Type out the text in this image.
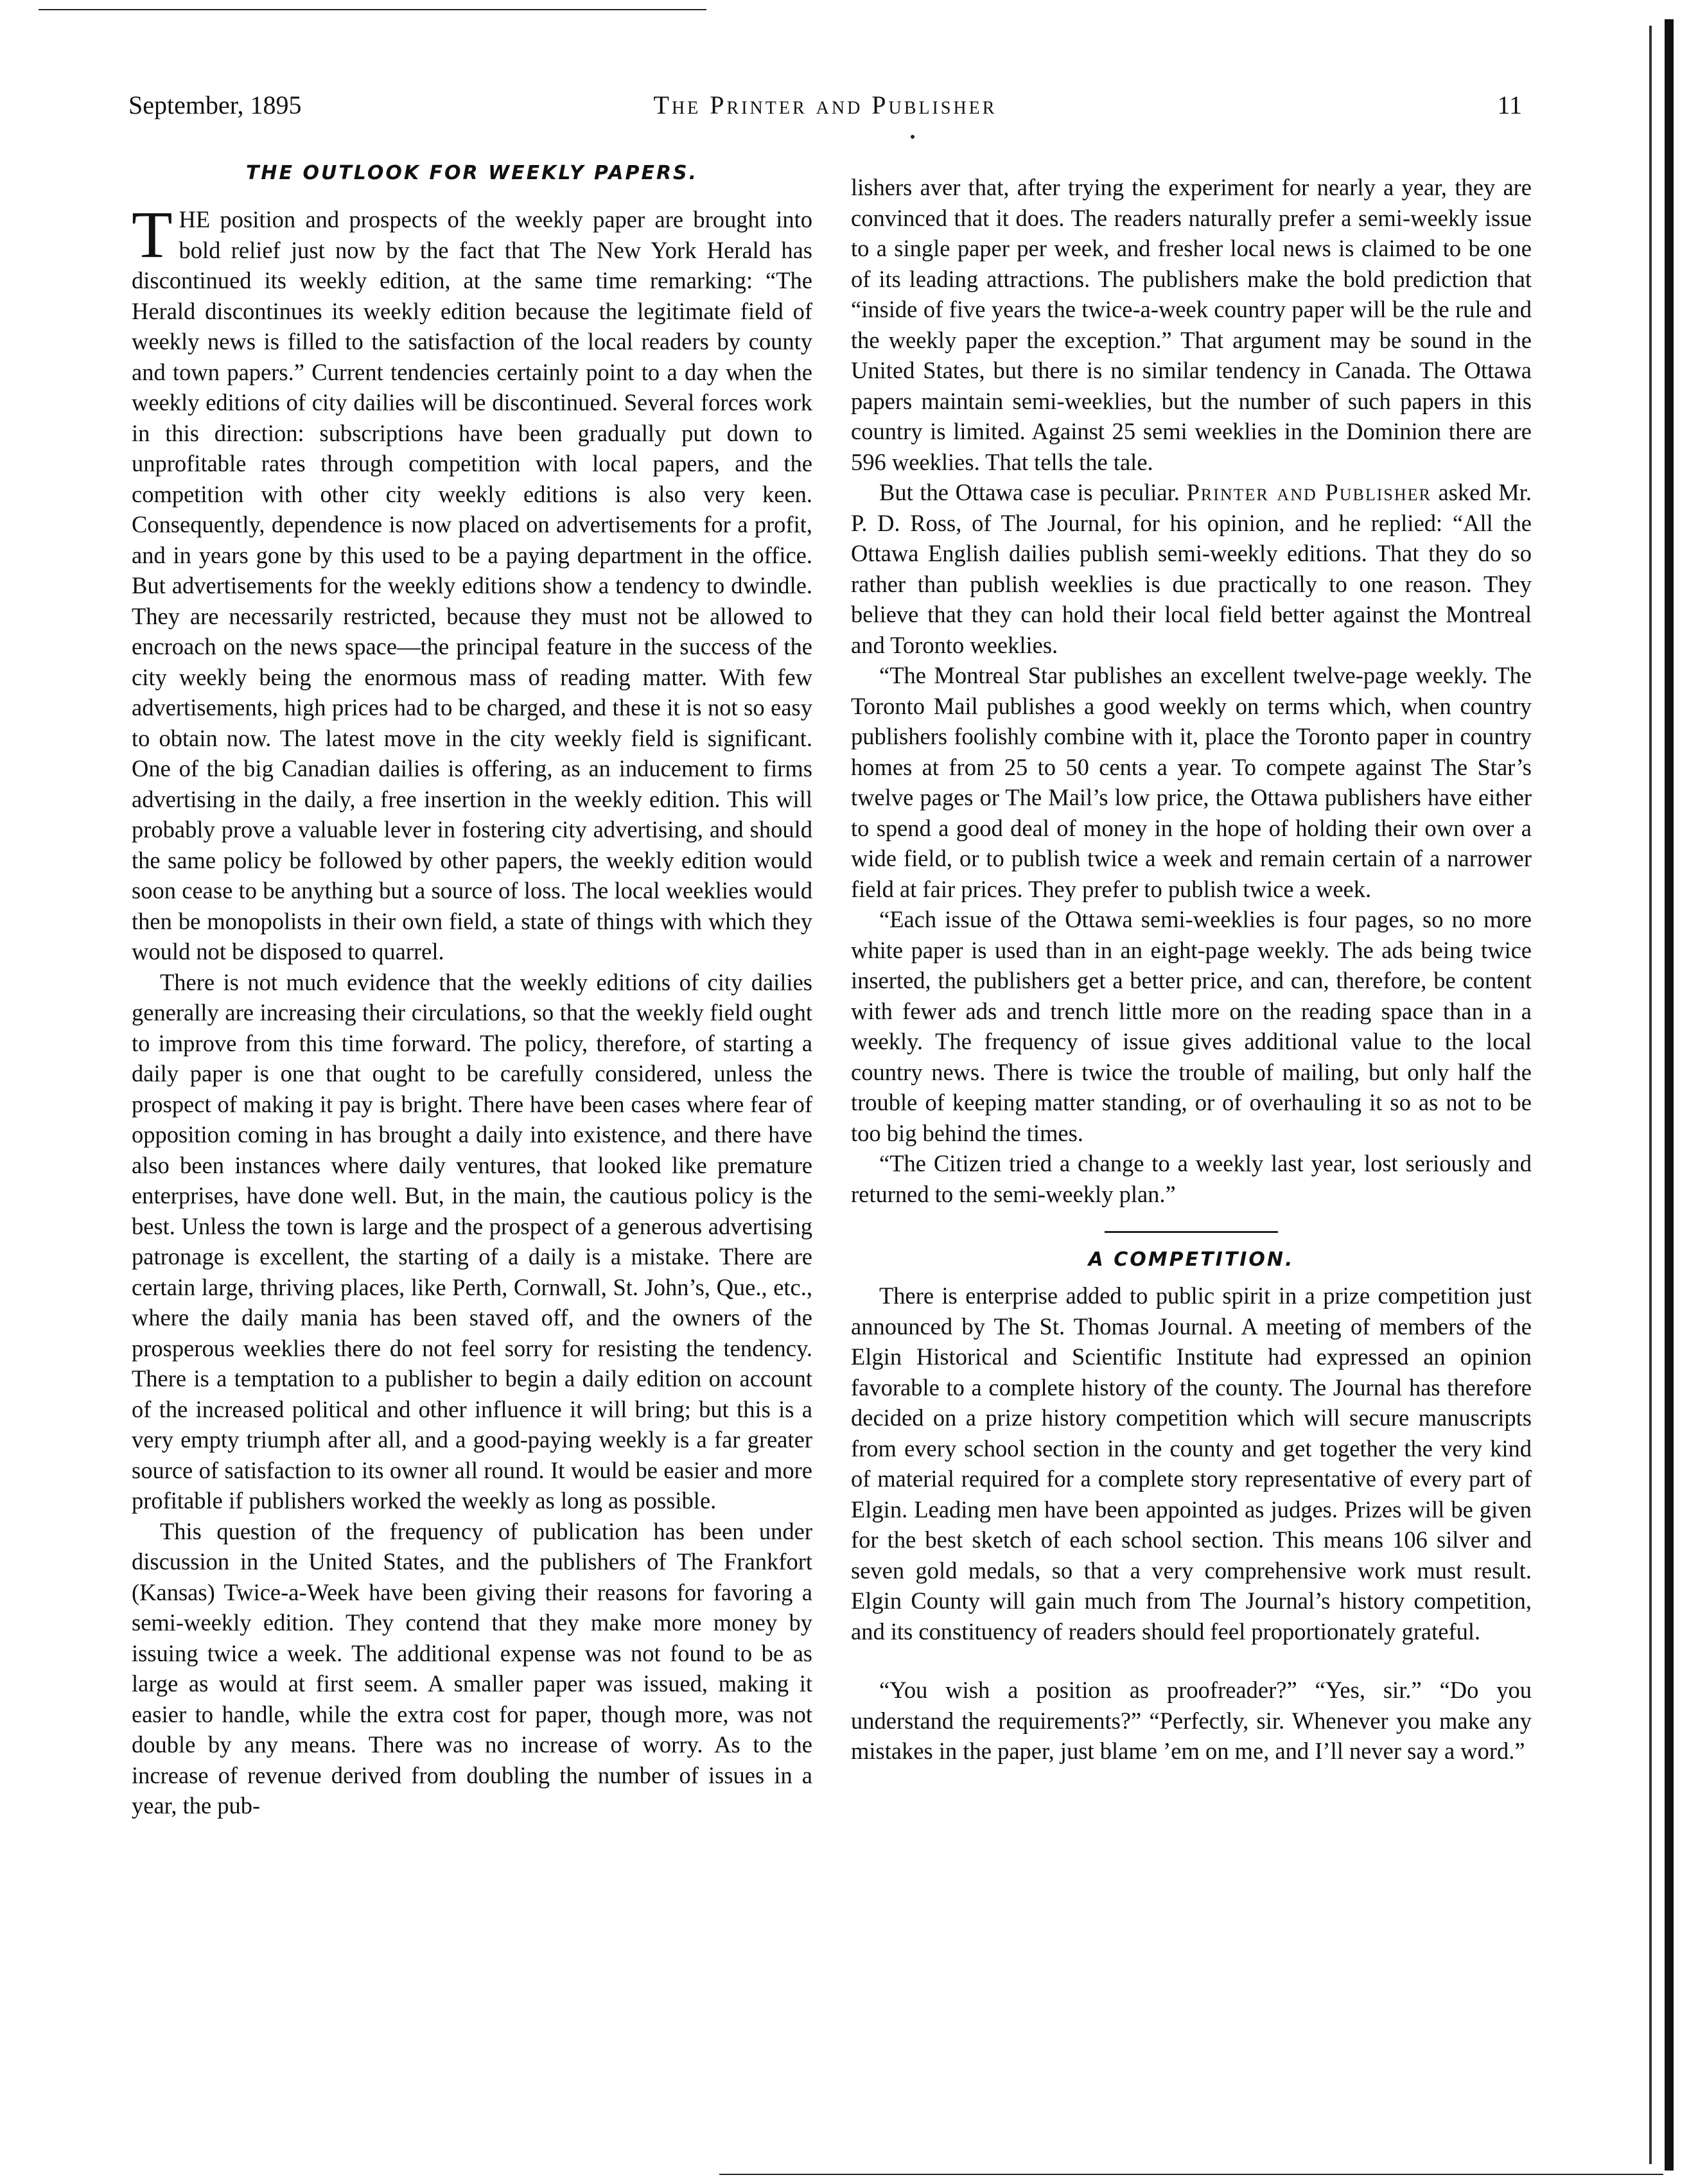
September, 1895	The Printer and Publisher	11
THE OUTLOOK FOR WEEKLY PAPERS.

THE position and prospects of the weekly paper are brought into bold relief just now by the fact that The New York Herald has discontinued its weekly edition, at the same time remarking: “The Herald discontinues its weekly edition because the legitimate field of weekly news is filled to the satisfaction of the local readers by county and town papers.” Current tendencies certainly point to a day when the weekly editions of city dailies will be discontinued. Several forces work in this direction: subscriptions have been gradually put down to unprofitable rates through competition with local papers, and the competition with other city weekly editions is also very keen. Consequently, dependence is now placed on advertisements for a profit, and in years gone by this used to be a paying department in the office. But advertisements for the weekly editions show a tendency to dwindle. They are necessarily restricted, because they must not be allowed to encroach on the news space—the principal feature in the success of the city weekly being the enormous mass of reading matter. With few advertisements, high prices had to be charged, and these it is not so easy to obtain now. The latest move in the city weekly field is significant. One of the big Canadian dailies is offering, as an inducement to firms advertising in the daily, a free insertion in the weekly edition. This will probably prove a valuable lever in fostering city advertising, and should the same policy be followed by other papers, the weekly edition would soon cease to be anything but a source of loss. The local weeklies would then be monopolists in their own field, a state of things with which they would not be disposed to quarrel.

There is not much evidence that the weekly editions of city dailies generally are increasing their circulations, so that the weekly field ought to improve from this time forward. The policy, therefore, of starting a daily paper is one that ought to be carefully considered, unless the prospect of making it pay is bright. There have been cases where fear of opposition coming in has brought a daily into existence, and there have also been instances where daily ventures, that looked like premature enterprises, have done well. But, in the main, the cautious policy is the best. Unless the town is large and the prospect of a generous advertising patronage is excellent, the starting of a daily is a mistake. There are certain large, thriving places, like Perth, Cornwall, St. John’s, Que., etc., where the daily mania has been staved off, and the owners of the prosperous weeklies there do not feel sorry for resisting the tendency. There is a temptation to a publisher to begin a daily edition on account of the increased political and other influence it will bring; but this is a very empty triumph after all, and a good-paying weekly is a far greater source of satisfaction to its owner all round. It would be easier and more profitable if publishers worked the weekly as long as possible.

This question of the frequency of publication has been under discussion in the United States, and the publishers of The Frankfort (Kansas) Twice-a-Week have been giving their reasons for favoring a semi-weekly edition. They contend that they make more money by issuing twice a week. The additional expense was not found to be as large as would at first seem. A smaller paper was issued, making it easier to handle, while the extra cost for paper, though more, was not double by any means. There was no increase of worry. As to the increase of revenue derived from doubling the number of issues in a year, the pub-

lishers aver that, after trying the experiment for nearly a year, they are convinced that it does. The readers naturally prefer a semi-weekly issue to a single paper per week, and fresher local news is claimed to be one of its leading attractions. The publishers make the bold prediction that “inside of five years the twice-a-week country paper will be the rule and the weekly paper the exception.” That argument may be sound in the United States, but there is no similar tendency in Canada. The Ottawa papers maintain semi-weeklies, but the number of such papers in this country is limited. Against 25 semi weeklies in the Dominion there are 596 weeklies. That tells the tale.

But the Ottawa case is peculiar. Printer and Publisher asked Mr. P. D. Ross, of The Journal, for his opinion, and he replied: “All the Ottawa English dailies publish semi-weekly editions. That they do so rather than publish weeklies is due practically to one reason. They believe that they can hold their local field better against the Montreal and Toronto weeklies.

“The Montreal Star publishes an excellent twelve-page weekly. The Toronto Mail publishes a good weekly on terms which, when country publishers foolishly combine with it, place the Toronto paper in country homes at from 25 to 50 cents a year. To compete against The Star’s twelve pages or The Mail’s low price, the Ottawa publishers have either to spend a good deal of money in the hope of holding their own over a wide field, or to publish twice a week and remain certain of a narrower field at fair prices. They prefer to publish twice a week.

“Each issue of the Ottawa semi-weeklies is four pages, so no more white paper is used than in an eight-page weekly. The ads being twice inserted, the publishers get a better price, and can, therefore, be content with fewer ads and trench little more on the reading space than in a weekly. The frequency of issue gives additional value to the local country news. There is twice the trouble of mailing, but only half the trouble of keeping matter standing, or of overhauling it so as not to be too big behind the times.

“The Citizen tried a change to a weekly last year, lost seriously and returned to the semi-weekly plan.”

A COMPETITION.

There is enterprise added to public spirit in a prize competition just announced by The St. Thomas Journal. A meeting of members of the Elgin Historical and Scientific Institute had expressed an opinion favorable to a complete history of the county. The Journal has therefore decided on a prize history competition which will secure manuscripts from every school section in the county and get together the very kind of material required for a complete story representative of every part of Elgin. Leading men have been appointed as judges. Prizes will be given for the best sketch of each school section. This means 106 silver and seven gold medals, so that a very comprehensive work must result. Elgin County will gain much from The Journal’s history competition, and its constituency of readers should feel proportionately grateful.

“You wish a position as proofreader?” “Yes, sir.” “Do you understand the requirements?” “Perfectly, sir. Whenever you make any mistakes in the paper, just blame ’em on me, and I’ll never say a word.”
